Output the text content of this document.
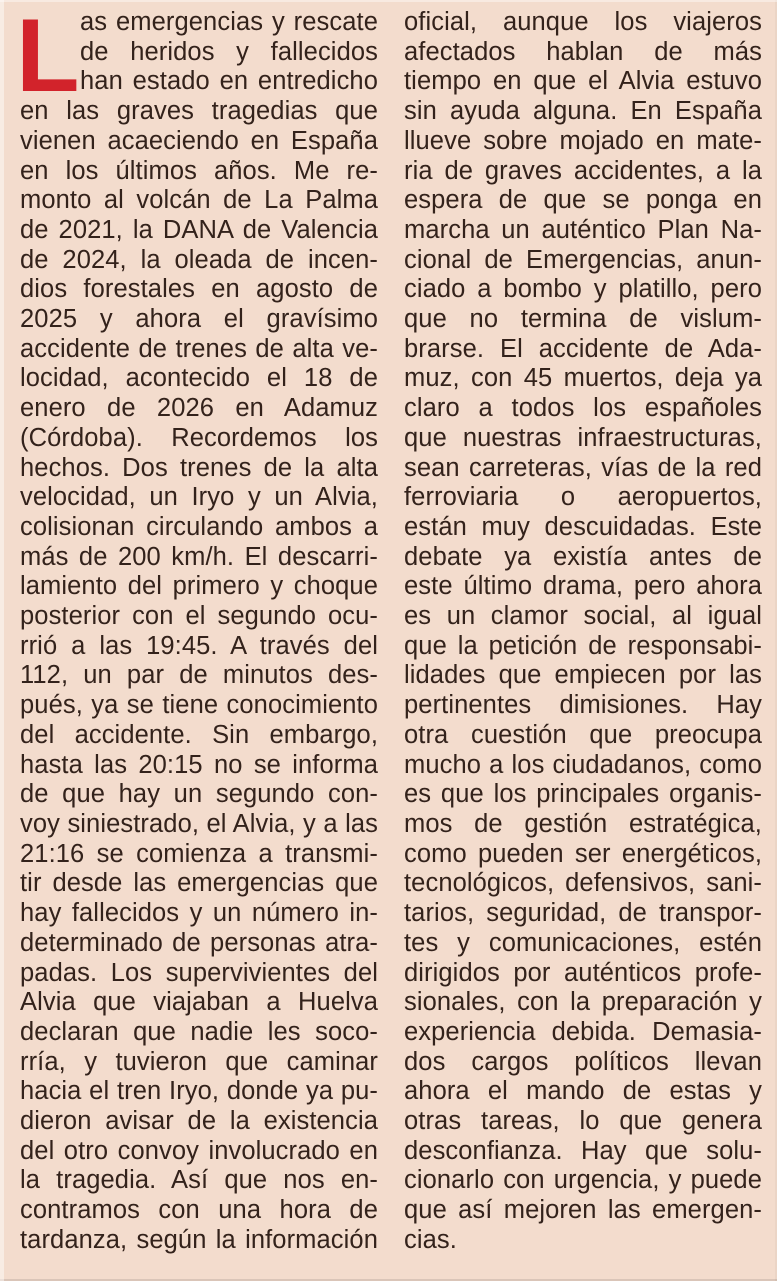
L as emergencias y rescate
de heridos y fallecidos
han estado en entredicho
en las graves tragedias que
vienen acaeciendo en España
en los últimos años. Me re-
monto al volcán de La Palma
de 2021, la DANA de Valencia
de 2024, la oleada de incen-
dios forestales en agosto de
2025 y ahora el gravísimo
accidente de trenes de alta ve-
locidad, acontecido el 18 de
enero de 2026 en Adamuz
(Córdoba). Recordemos los
hechos. Dos trenes de la alta
velocidad, un Iryo y un Alvia,
colisionan circulando ambos a
más de 200 km/h. El descarri-
lamiento del primero y choque
posterior con el segundo ocu-
rrió a las 19:45. A través del
112, un par de minutos des-
pués, ya se tiene conocimiento
del accidente. Sin embargo,
hasta las 20:15 no se informa
de que hay un segundo con-
voy siniestrado, el Alvia, y a las
21:16 se comienza a transmi-
tir desde las emergencias que
hay fallecidos y un número in-
determinado de personas atra-
padas. Los supervivientes del
Alvia que viajaban a Huelva
declaran que nadie les soco-
rría, y tuvieron que caminar
hacia el tren Iryo, donde ya pu-
dieron avisar de la existencia
del otro convoy involucrado en
la tragedia. Así que nos en-
contramos con una hora de
tardanza, según la información
oficial, aunque los viajeros
afectados hablan de más
tiempo en que el Alvia estuvo
sin ayuda alguna. En España
llueve sobre mojado en mate-
ria de graves accidentes, a la
espera de que se ponga en
marcha un auténtico Plan Na-
cional de Emergencias, anun-
ciado a bombo y platillo, pero
que no termina de vislum-
brarse. El accidente de Ada-
muz, con 45 muertos, deja ya
claro a todos los españoles
que nuestras infraestructuras,
sean carreteras, vías de la red
ferroviaria o aeropuertos,
están muy descuidadas. Este
debate ya existía antes de
este último drama, pero ahora
es un clamor social, al igual
que la petición de responsabi-
lidades que empiecen por las
pertinentes dimisiones. Hay
otra cuestión que preocupa
mucho a los ciudadanos, como
es que los principales organis-
mos de gestión estratégica,
como pueden ser energéticos,
tecnológicos, defensivos, sani-
tarios, seguridad, de transpor-
tes y comunicaciones, estén
dirigidos por auténticos profe-
sionales, con la preparación y
experiencia debida. Demasia-
dos cargos políticos llevan
ahora el mando de estas y
otras tareas, lo que genera
desconfianza. Hay que solu-
cionarlo con urgencia, y puede
que así mejoren las emergen-
cias.
